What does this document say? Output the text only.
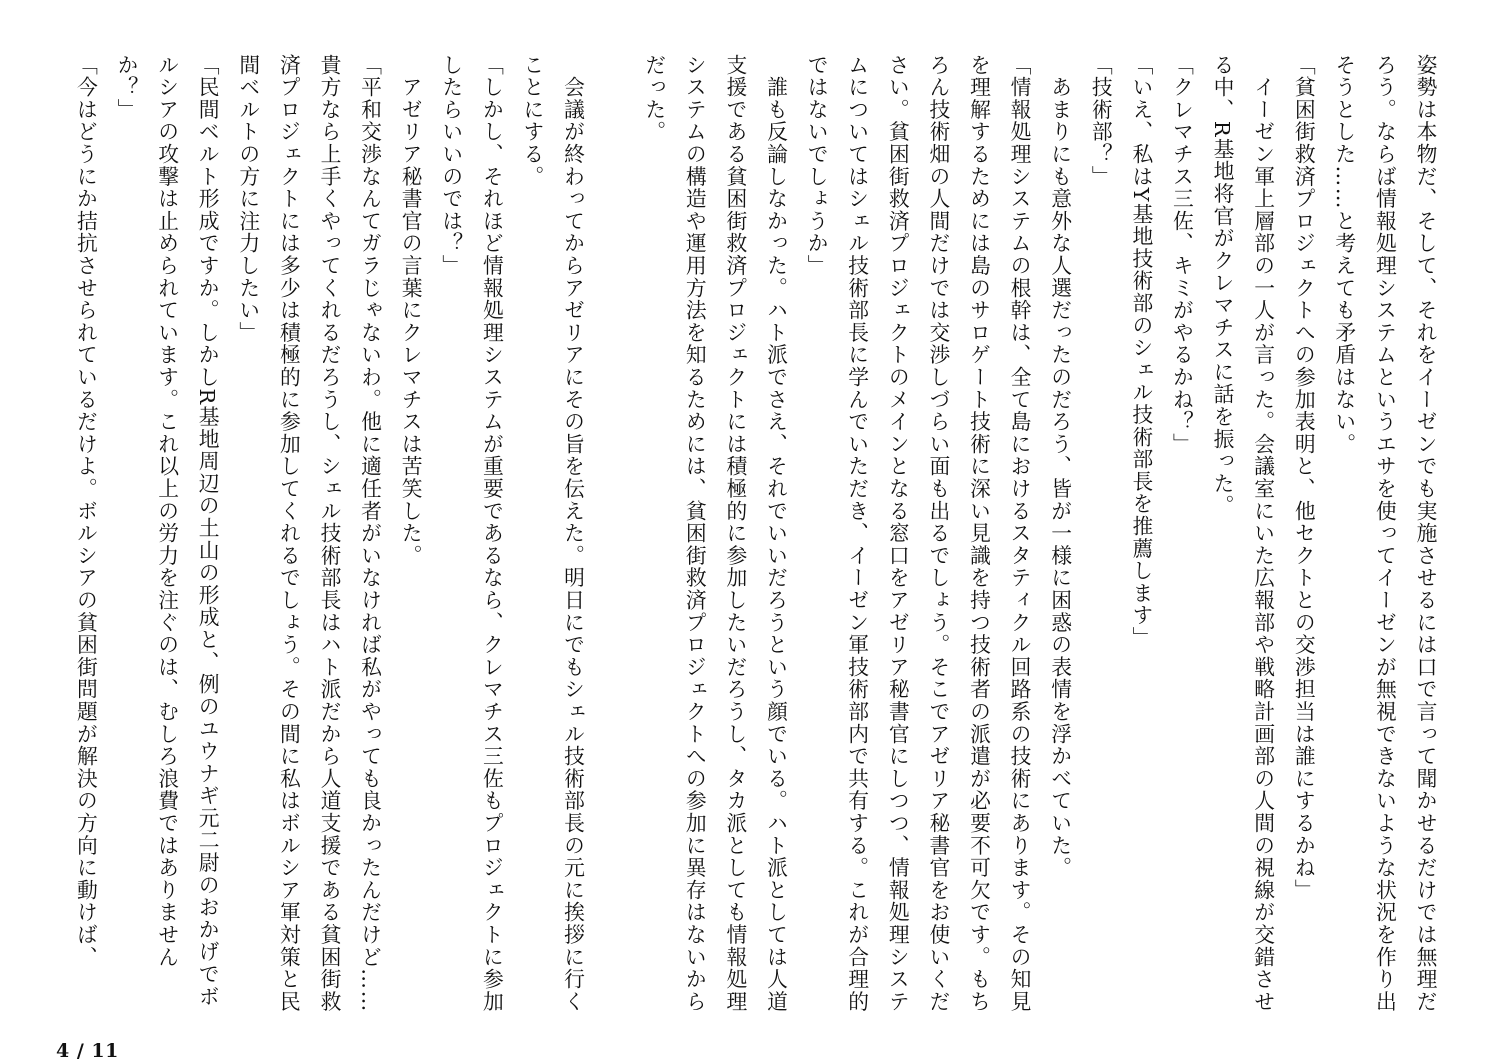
姿勢は本物だ、そして、それをイーゼンでも実施させるには口で言って聞かせるだけでは無理だろう。ならば情報処理システムというエサを使ってイーゼンが無視できないような状況を作り出そうとした……と考えても矛盾はない。

「貧困街救済プロジェクトへの参加表明と、他セクトとの交渉担当は誰にするかね」

　イーゼン軍上層部の一人が言った。会議室にいた広報部や戦略計画部の人間の視線が交錯させる中、R基地将官がクレマチスに話を振った。

「クレマチス三佐、キミがやるかね？」

「いえ、私はY基地技術部のシェル技術部長を推薦します」

「技術部？」

　あまりにも意外な人選だったのだろう、皆が一様に困惑の表情を浮かべていた。

「情報処理システムの根幹は、全て島におけるスタティクル回路系の技術にあります。その知見を理解するためには島のサロゲート技術に深い見識を持つ技術者の派遣が必要不可欠です。もちろん技術畑の人間だけでは交渉しづらい面も出るでしょう。そこでアゼリア秘書官をお使いください。貧困街救済プロジェクトのメインとなる窓口をアゼリア秘書官にしつつ、情報処理システムについてはシェル技術部長に学んでいただき、イーゼン軍技術部内で共有する。これが合理的ではないでしょうか」

　誰も反論しなかった。ハト派でさえ、それでいいだろうという顔でいる。ハト派としては人道支援である貧困街救済プロジェクトには積極的に参加したいだろうし、タカ派としても情報処理システムの構造や運用方法を知るためには、貧困街救済プロジェクトへの参加に異存はないからだった。

　会議が終わってからアゼリアにその旨を伝えた。明日にでもシェル技術部長の元に挨拶に行くことにする。

「しかし、それほど情報処理システムが重要であるなら、クレマチス三佐もプロジェクトに参加したらいいのでは？」

　アゼリア秘書官の言葉にクレマチスは苦笑した。

「平和交渉なんてガラじゃないわ。他に適任者がいなければ私がやっても良かったんだけど……貴方なら上手くやってくれるだろうし、シェル技術部長はハト派だから人道支援である貧困街救済プロジェクトには多少は積極的に参加してくれるでしょう。その間に私はボルシア軍対策と民間ベルトの方に注力したい」

「民間ベルト形成ですか。しかしR基地周辺の土山の形成と、例のユウナギ元二尉のおかげでボルシアの攻撃は止められています。これ以上の労力を注ぐのは、むしろ浪費ではありませんか？」

「今はどうにか拮抗させられているだけよ。ボルシアの貧困街問題が解決の方向に動けば、

4 / 11
